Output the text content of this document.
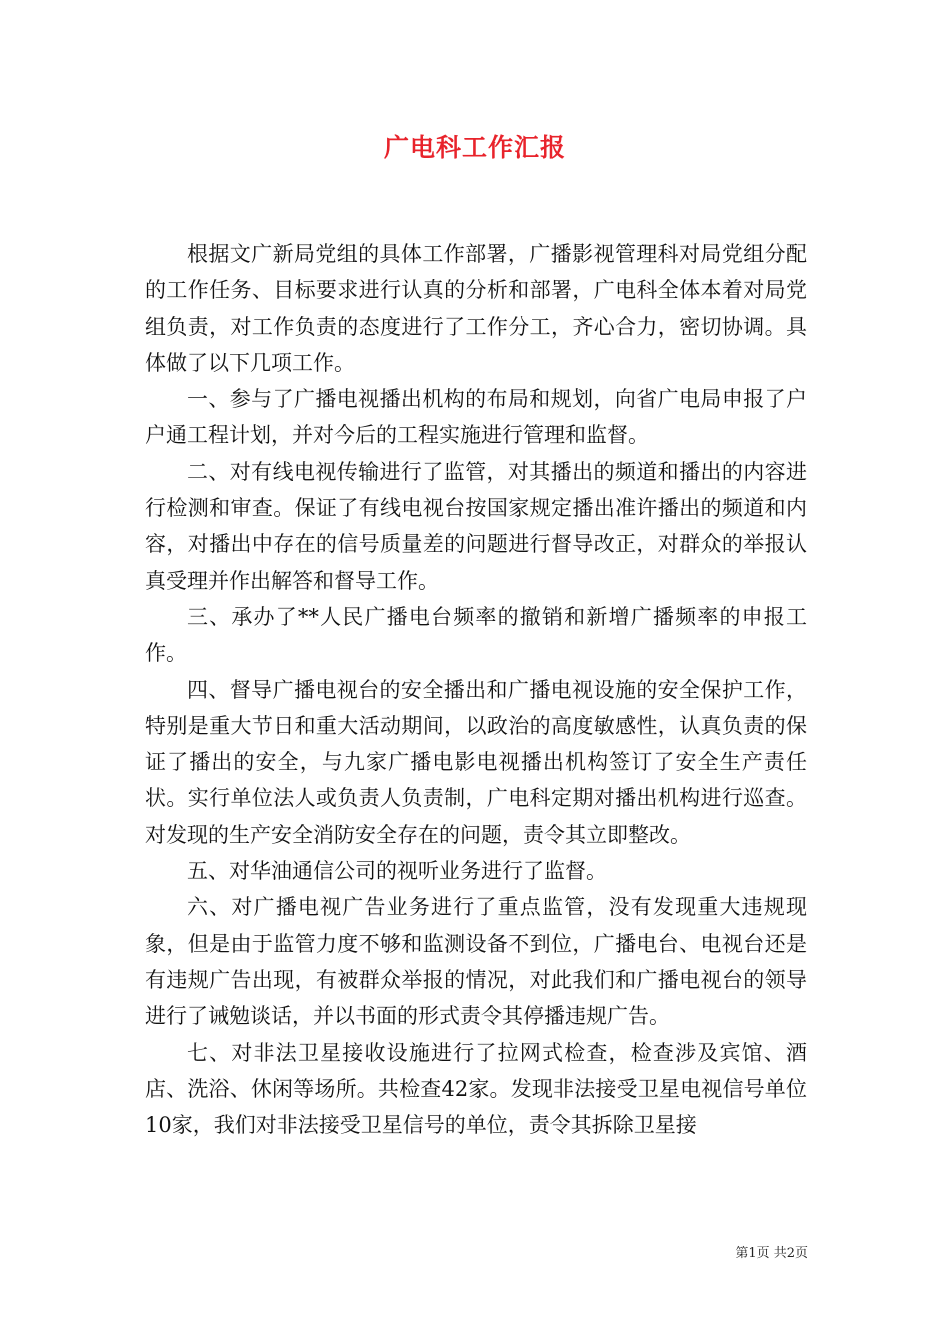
广电科工作汇报

根据文广新局党组的具体工作部署，广播影视管理科对局党组分配的工作任务、目标要求进行认真的分析和部署，广电科全体本着对局党组负责，对工作负责的态度进行了工作分工，齐心合力，密切协调。具体做了以下几项工作。

一、参与了广播电视播出机构的布局和规划，向省广电局申报了户户通工程计划，并对今后的工程实施进行管理和监督。

二、对有线电视传输进行了监管，对其播出的频道和播出的内容进行检测和审查。保证了有线电视台按国家规定播出准许播出的频道和内容，对播出中存在的信号质量差的问题进行督导改正，对群众的举报认真受理并作出解答和督导工作。

三、承办了**人民广播电台频率的撤销和新增广播频率的申报工作。

四、督导广播电视台的安全播出和广播电视设施的安全保护工作，特别是重大节日和重大活动期间，以政治的高度敏感性，认真负责的保证了播出的安全，与九家广播电影电视播出机构签订了安全生产责任状。实行单位法人或负责人负责制，广电科定期对播出机构进行巡查。对发现的生产安全消防安全存在的问题，责令其立即整改。

五、对华油通信公司的视听业务进行了监督。

六、对广播电视广告业务进行了重点监管，没有发现重大违规现象，但是由于监管力度不够和监测设备不到位，广播电台、电视台还是有违规广告出现，有被群众举报的情况，对此我们和广播电视台的领导进行了诫勉谈话，并以书面的形式责令其停播违规广告。

七、对非法卫星接收设施进行了拉网式检查，检查涉及宾馆、酒店、洗浴、休闲等场所。共检查42家。发现非法接受卫星电视信号单位10家，我们对非法接受卫星信号的单位，责令其拆除卫星接

第1页 共2页
